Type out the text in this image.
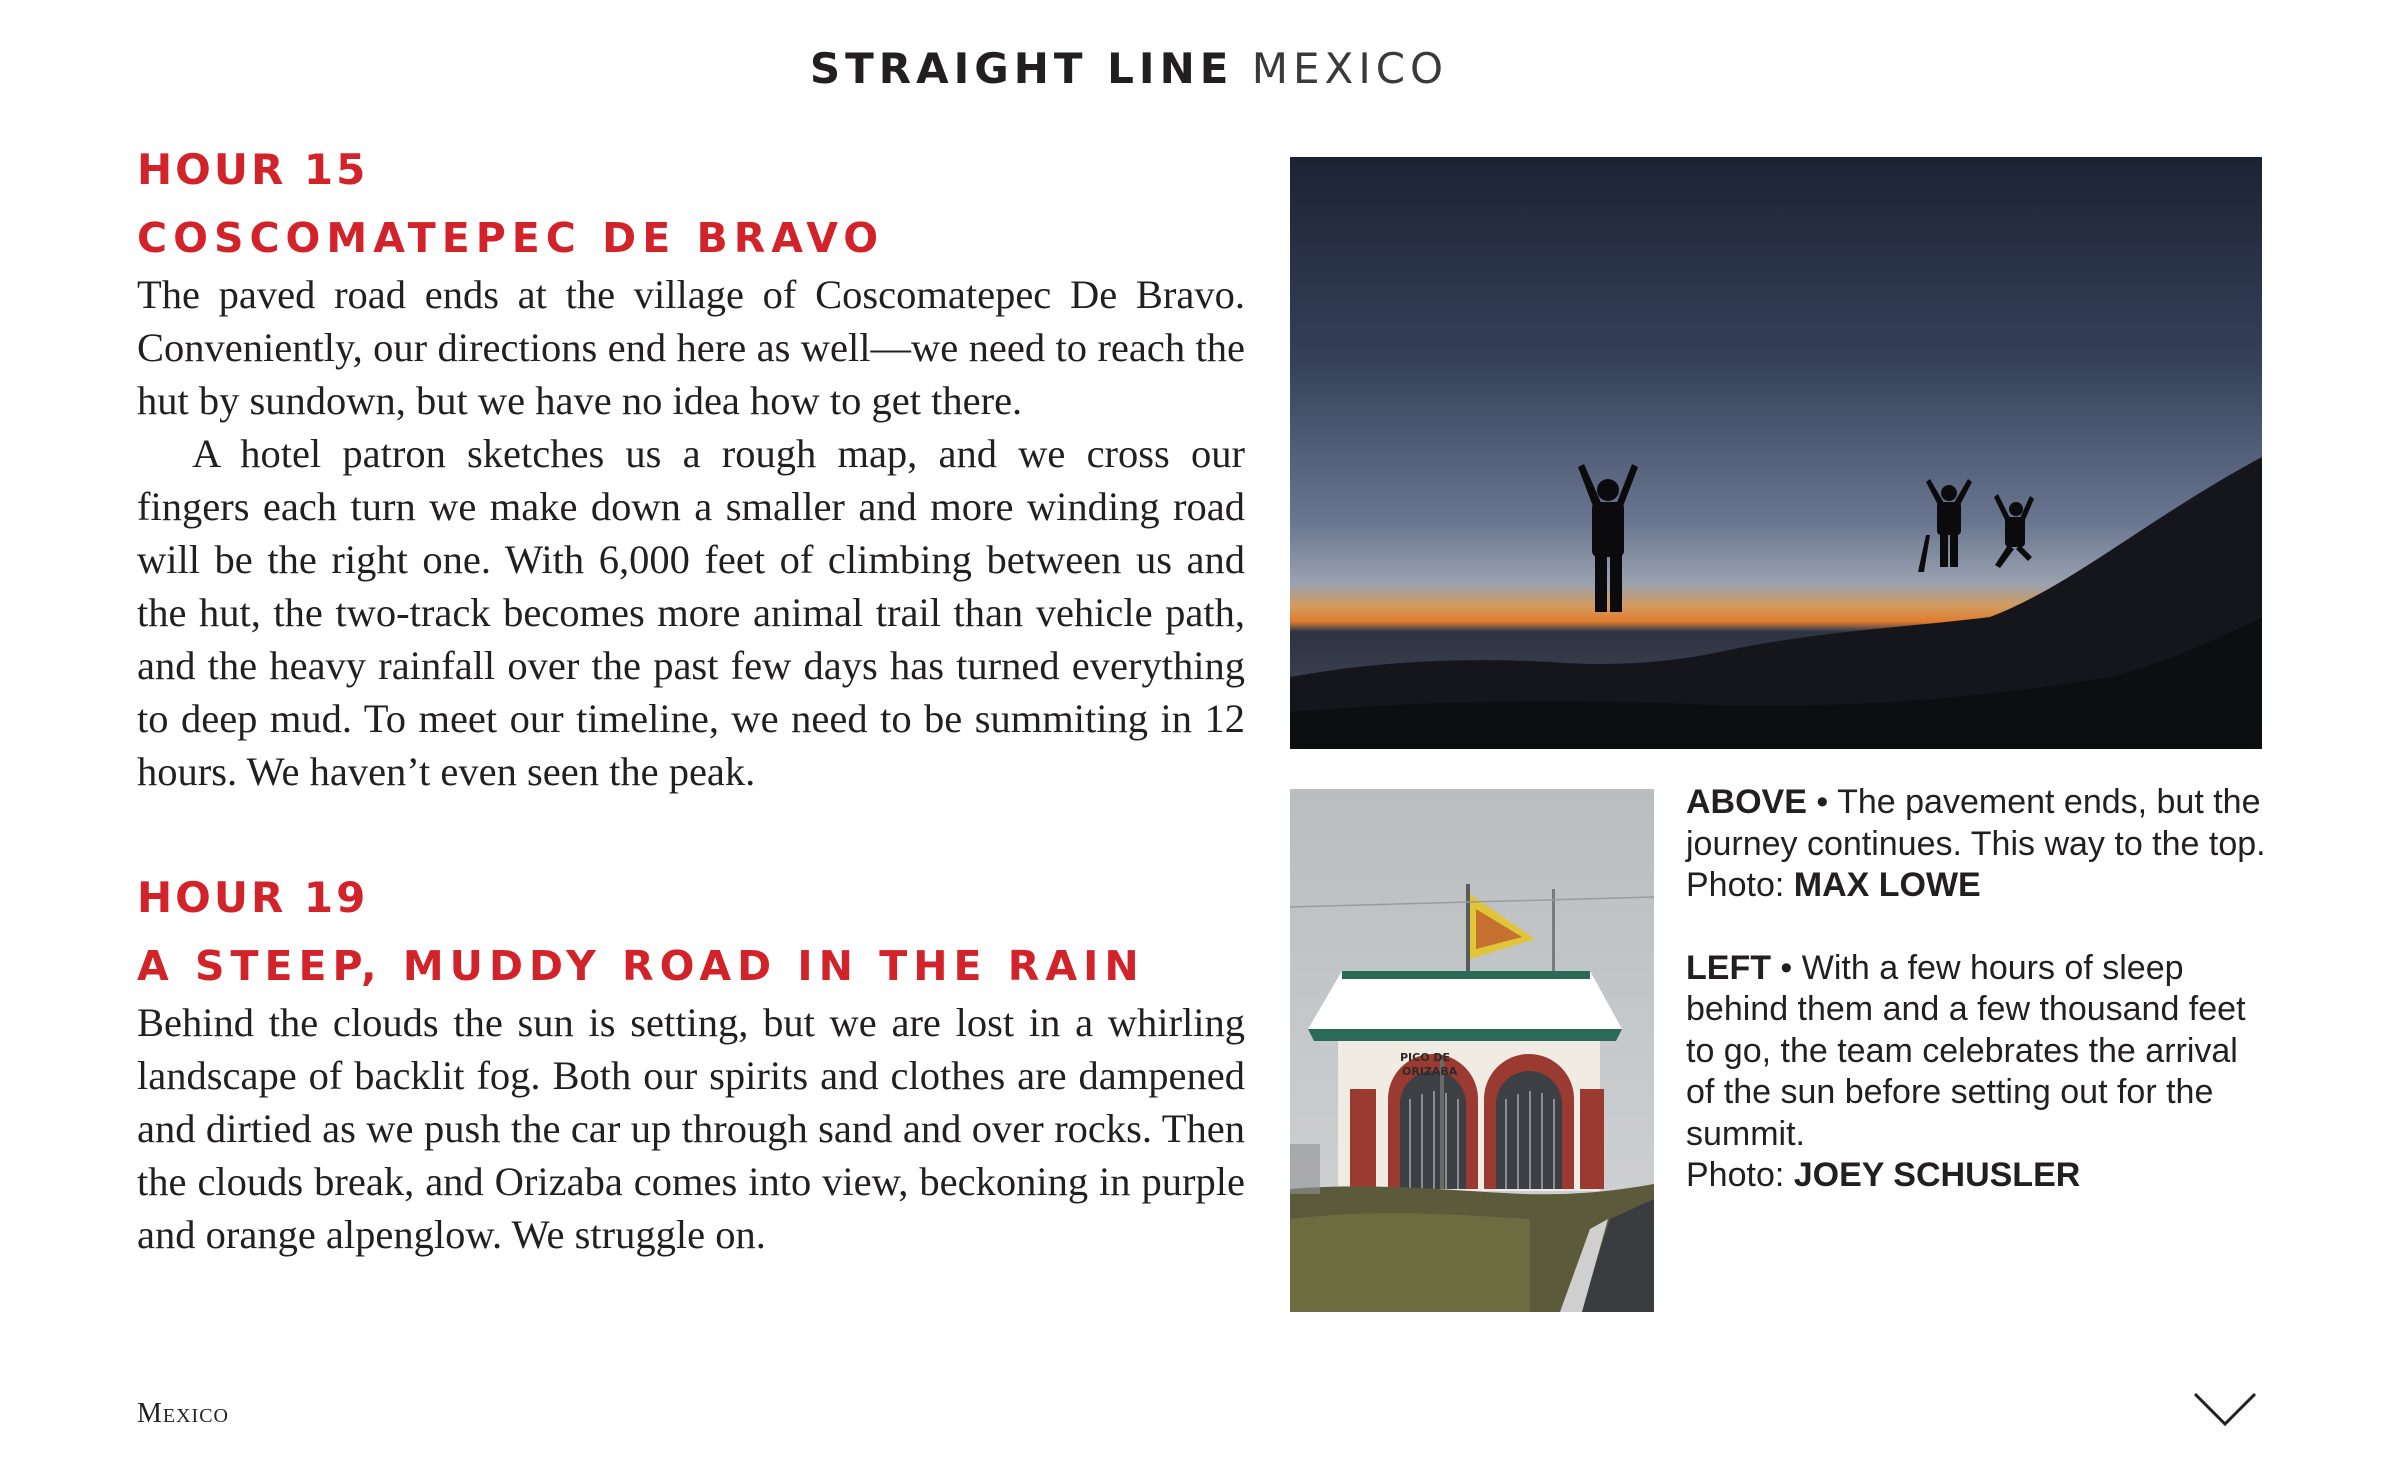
STRAIGHT LINE MEXICO
HOUR 15
COSCOMATEPEC DE BRAVO

The paved road ends at the village of Coscomatepec De Bravo. Conveniently, our directions end here as well—we need to reach the hut by sundown, but we have no idea how to get there.

A hotel patron sketches us a rough map, and we cross our fingers each turn we make down a smaller and more winding road will be the right one. With 6,000 feet of climbing between us and the hut, the two-track becomes more animal trail than vehicle path, and the heavy rainfall over the past few days has turned everything to deep mud. To meet our timeline, we need to be summiting in 12 hours. We haven’t even seen the peak.

HOUR 19
A STEEP, MUDDY ROAD IN THE RAIN

Behind the clouds the sun is setting, but we are lost in a whirling landscape of backlit fog. Both our spirits and clothes are dampened and dirtied as we push the car up through sand and over rocks. Then the clouds break, and Orizaba comes into view, beckoning in purple and orange alpenglow. We struggle on.

PICO DE
ORIZABA

ABOVE • The pavement ends, but the journey continues. This way to the top.

Photo: MAX LOWE

LEFT • With a few hours of sleep behind them and a few thousand feet to go, the team celebrates the arrival of the sun before setting out for the summit.

Photo: JOEY SCHUSLER

Mexico
